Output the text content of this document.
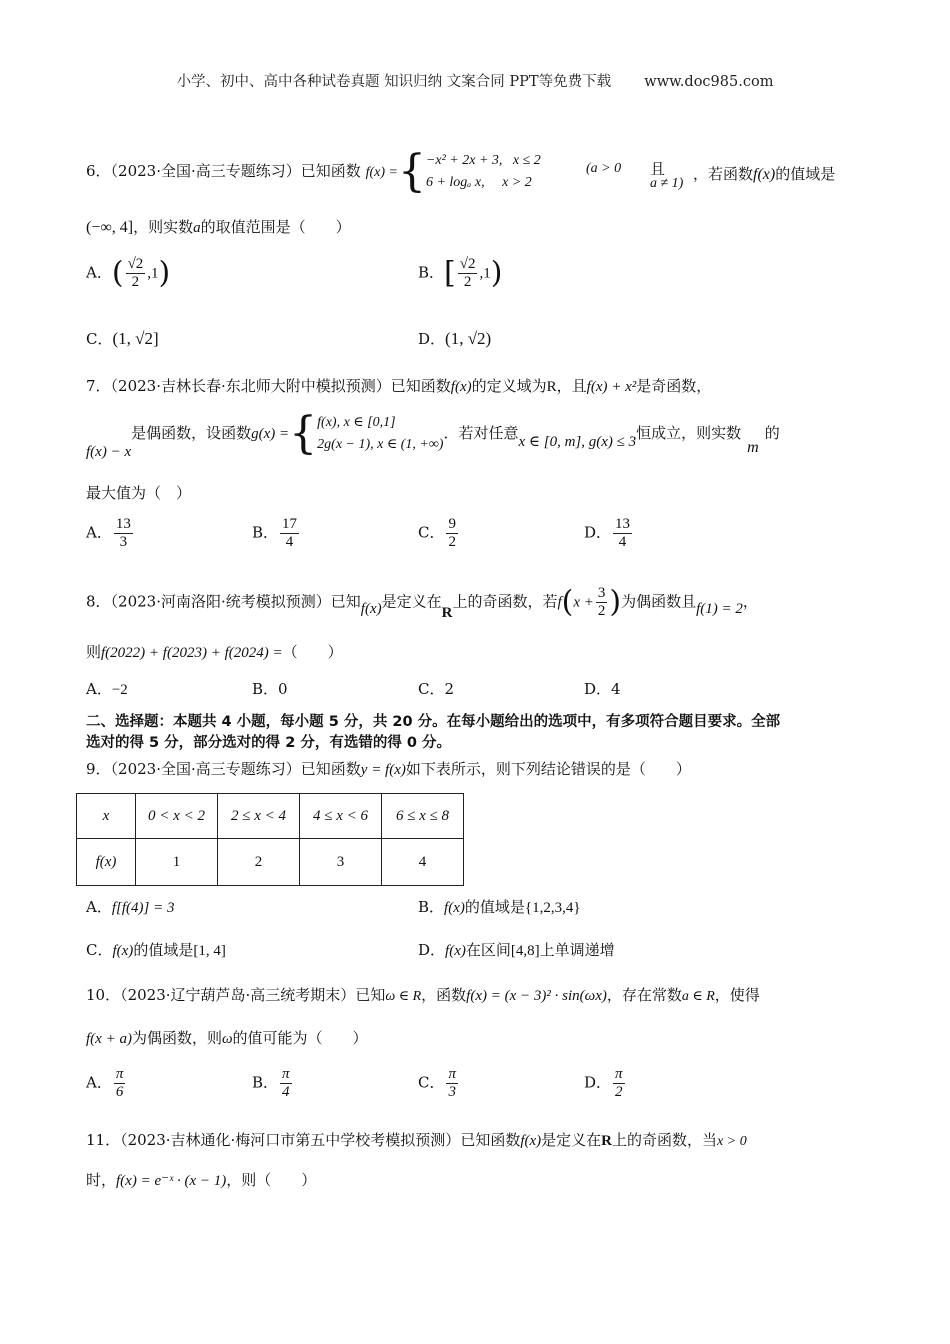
小学、初中、高中各种试卷真题 知识归纳 文案合同 PPT等免费下载 www.doc985.com
6．（2023·全国·高三专题练习）已知函数 f(x) ={−x² + 2x + 3, x ≤ 2
6 + logₐ x, x > 2
(a > 0 且
a ≠ 1)
，若函数f(x)的值域是
(−∞, 4]，则实数a的取值范围是（　　）
A．( $\frac{√2}{2} ,1$)	B．[ $\frac{√2}{2} ,1$)
C．(1, √2]	D．(1, √2)
7．（2023·吉林长春·东北师大附中模拟预测）已知函数f(x)的定义域为R，且f(x) + x²是奇函数，
f(x) − x是偶函数，设函数g(x) ={f(x), x ∈ [0,1]
2g(x − 1), x ∈ (1, +∞)．若对任意x ∈ [0, m], g(x) ≤ 3恒成立，则实数m的
最大值为（　）
A． $\frac{13}{3}$	B． $\frac{17}{4}$	C． $\frac{9}{2}$	D． $\frac{13}{4}$
8．（2023·河南洛阳·统考模拟预测）已知f(x)是定义在R上的奇函数，若$f(x + \frac{3}{2}$ )为偶函数且f(1) = 2，
则f(2022) + f(2023) + f(2024) =（　　）
A．−2	B．0	C．2	D．4
二、选择题：本题共 4 小题，每小题 5 分，共 20 分。在每小题给出的选项中，有多项符合题目要求。全部
选对的得 5 分，部分选对的得 2 分，有选错的得 0 分。
9．（2023·全国·高三专题练习）已知函数y = f(x)如下表所示，则下列结论错误的是（　　）
x	0 < x < 2	2 ≤ x < 4	4 ≤ x < 6	6 ≤ x ≤ 8
f(x)	1	2	3	4
A．f[f(4)] = 3	B．f(x)的值域是{1,2,3,4}
C．f(x)的值域是[1, 4]	D．f(x)在区间[4,8]上单调递增
10．（2023·辽宁葫芦岛·高三统考期末）已知ω ∈ R，函数f(x) = (x − 3)² · sin(ωx)，存在常数a ∈ R，使得
f(x + a)为偶函数，则ω的值可能为（　　）
A． $\frac{\pi}{6}$	B． $\frac{\pi}{4}$	C． $\frac{\pi}{3}$	D． $\frac{\pi}{2}$
11．（2023·吉林通化·梅河口市第五中学校考模拟预测）已知函数f(x)是定义在R上的奇函数，当x > 0
时，f(x) = e⁻ˣ · (x − 1)，则（　　）
